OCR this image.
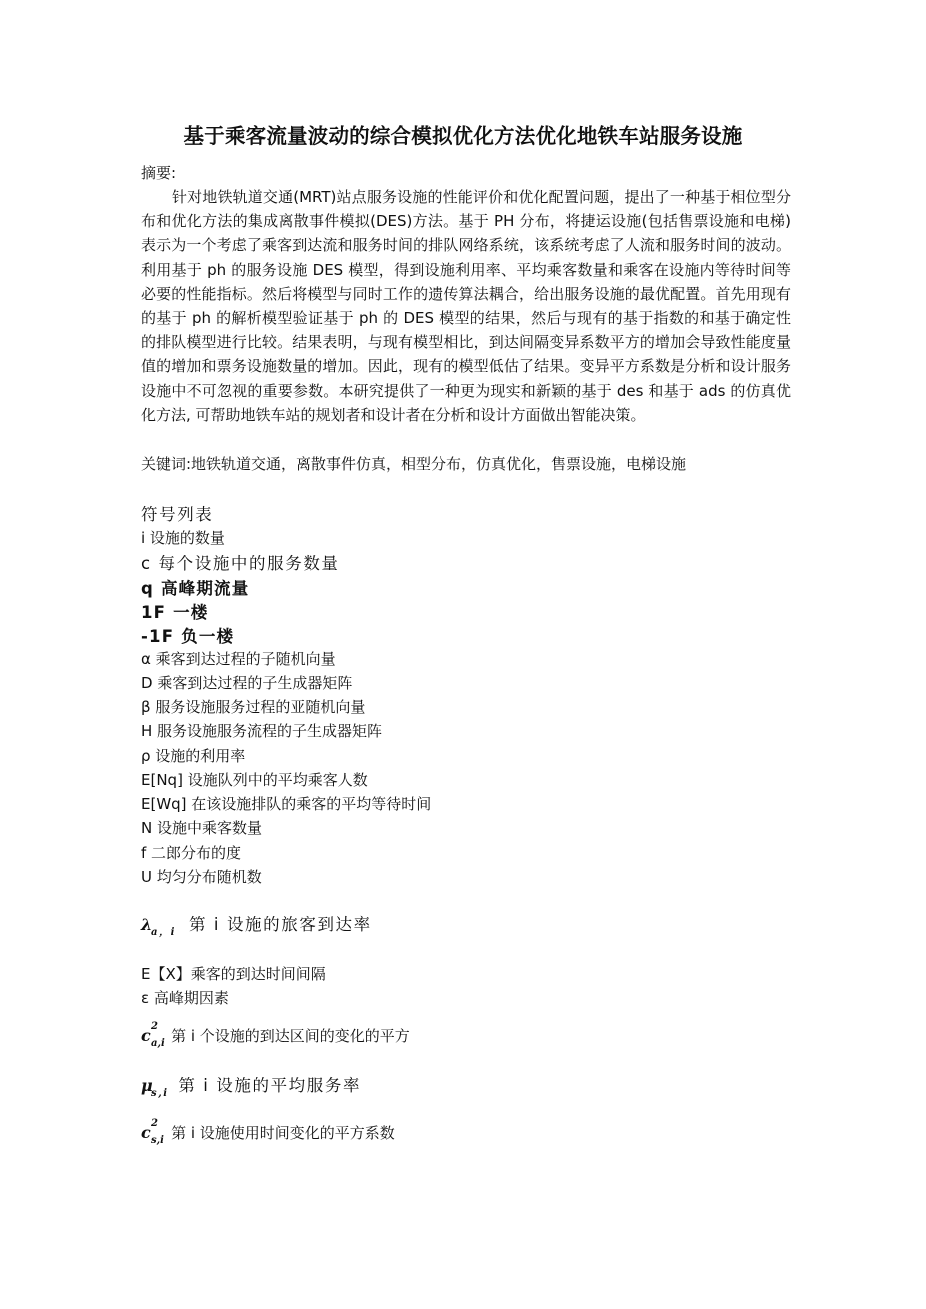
基于乘客流量波动的综合模拟优化方法优化地铁车站服务设施
摘要:
针对地铁轨道交通(MRT)站点服务设施的性能评价和优化配置问题，提出了一种基于相位型分布和优化方法的集成离散事件模拟(DES)方法。基于 PH 分布，将捷运设施(包括售票设施和电梯)表示为一个考虑了乘客到达流和服务时间的排队网络系统，该系统考虑了人流和服务时间的波动。利用基于 ph 的服务设施 DES 模型，得到设施利用率、平均乘客数量和乘客在设施内等待时间等必要的性能指标。然后将模型与同时工作的遗传算法耦合，给出服务设施的最优配置。首先用现有的基于 ph 的解析模型验证基于 ph 的 DES 模型的结果，然后与现有的基于指数的和基于确定性的排队模型进行比较。结果表明，与现有模型相比，到达间隔变异系数平方的增加会导致性能度量值的增加和票务设施数量的增加。因此，现有的模型低估了结果。变异平方系数是分析和设计服务设施中不可忽视的重要参数。本研究提供了一种更为现实和新颖的基于 des 和基于 ads 的仿真优化方法, 可帮助地铁车站的规划者和设计者在分析和设计方面做出智能决策。
关键词:地铁轨道交通，离散事件仿真，相型分布，仿真优化，售票设施，电梯设施
符号列表
i 设施的数量
c 每个设施中的服务数量
q 高峰期流量
1F 一楼
-1F 负一楼
α 乘客到达过程的子随机向量
D 乘客到达过程的子生成器矩阵
β 服务设施服务过程的亚随机向量
H 服务设施服务流程的子生成器矩阵
ρ 设施的利用率
E[Nq] 设施队列中的平均乘客人数
E[Wq] 在该设施排队的乘客的平均等待时间
N 设施中乘客数量
f 二郎分布的度
U 均匀分布随机数
λ
a，i 第 i 设施的旅客到达率
E【X】乘客的到达时间间隔
ε 高峰期因素
c 2
a,i 第 i 个设施的到达区间的变化的平方
μ
s,i 第 i 设施的平均服务率
c 2
s,i 第 i 设施使用时间变化的平方系数
